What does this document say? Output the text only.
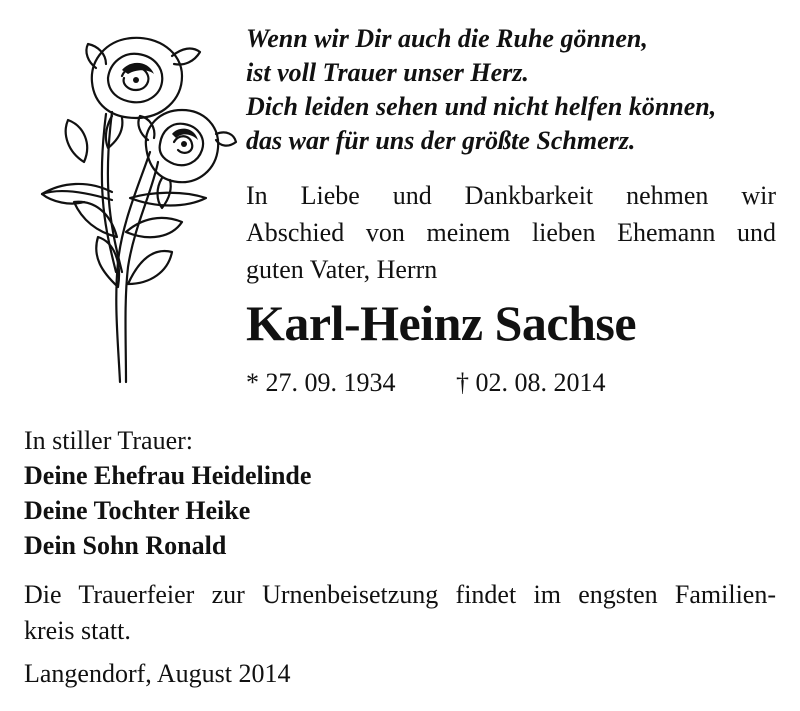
Wenn wir Dir auch die Ruhe gönnen,
ist voll Trauer unser Herz.
Dich leiden sehen und nicht helfen können,
das war für uns der größte Schmerz.
In Liebe und Dankbarkeit nehmen wir
Abschied von meinem lieben Ehemann und
guten Vater, Herrn
Karl-Heinz Sachse
* 27. 09. 1934 † 02. 08. 2014
In stiller Trauer:
Deine Ehefrau Heidelinde
Deine Tochter Heike
Dein Sohn Ronald
Die Trauerfeier zur Urnenbeisetzung findet im engsten Familien-
kreis statt.
Langendorf, August 2014
